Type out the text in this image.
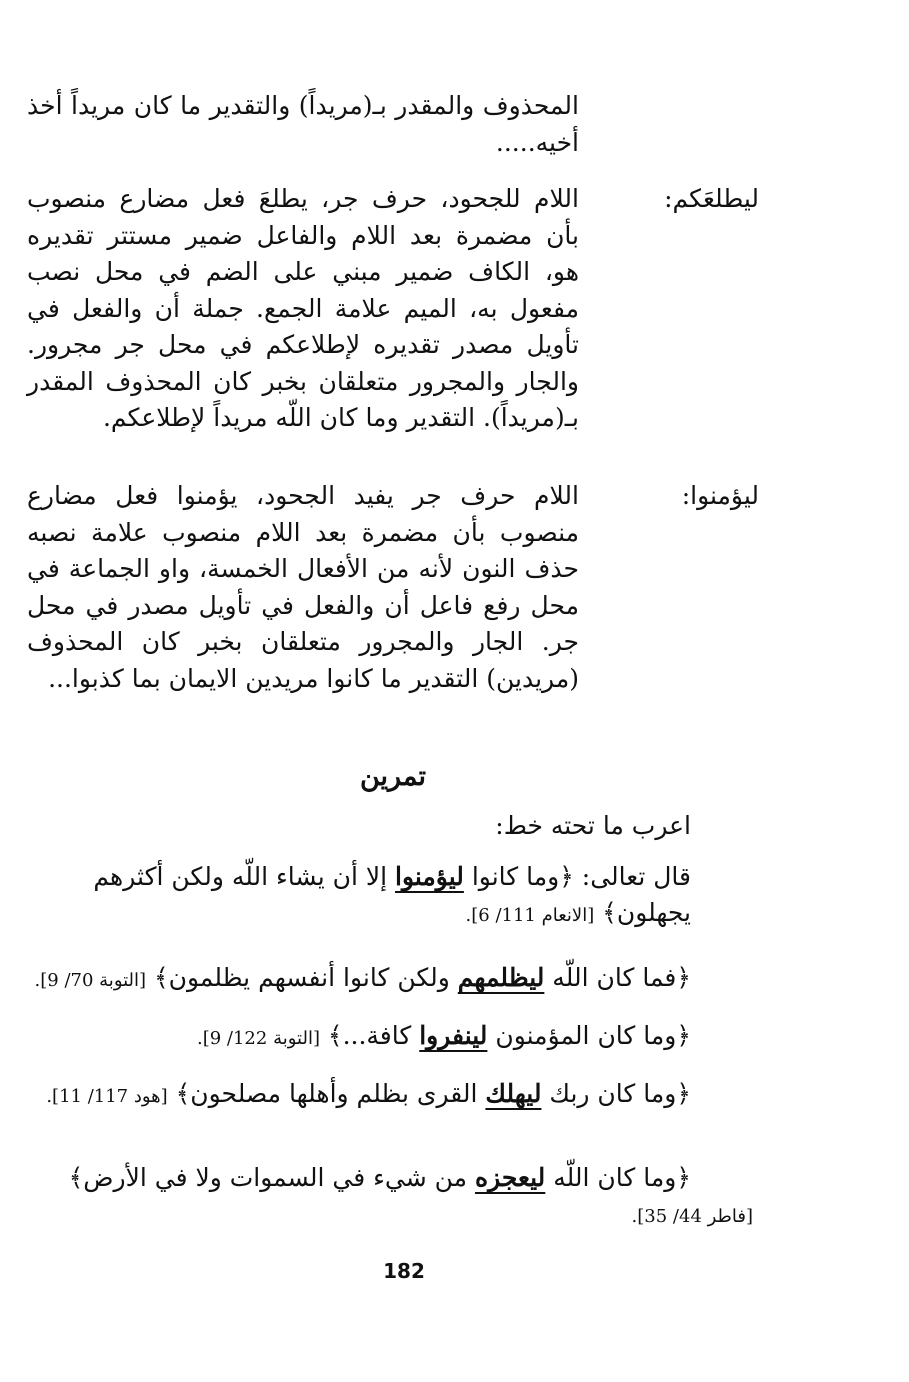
المحذوف والمقدر بـ(مريداً) والتقدير ما كان مريداً أخذ أخيه.....

ليطلعَكم:

اللام للجحود، حرف جر، يطلعَ فعل مضارع منصوب بأن مضمرة بعد اللام والفاعل ضمير مستتر تقديره هو، الكاف ضمير مبني على الضم في محل نصب مفعول به، الميم علامة الجمع. جملة أن والفعل في تأويل مصدر تقديره لإطلاعكم في محل جر مجرور. والجار والمجرور متعلقان بخبر كان المحذوف المقدر بـ(مريداً). التقدير وما كان اللّه مريداً لإطلاعكم.

ليؤمنوا:

اللام حرف جر يفيد الجحود، يؤمنوا فعل مضارع منصوب بأن مضمرة بعد اللام منصوب علامة نصبه حذف النون لأنه من الأفعال الخمسة، واو الجماعة في محل رفع فاعل أن والفعل في تأويل مصدر في محل جر. الجار والمجرور متعلقان بخبر كان المحذوف (مريدين) التقدير ما كانوا مريدين الايمان بما كذبوا...

تمرين
اعرب ما تحته خط:

قال تعالى: ﴿وما كانوا ليؤمنوا إلا أن يشاء اللّه ولكن أكثرهم يجهلون﴾ [الانعام 111/ 6].

﴿فما كان اللّه ليظلمهم ولكن كانوا أنفسهم يظلمون﴾ [التوبة 70/ 9].

﴿وما كان المؤمنون لينفروا كافة...﴾ [التوبة 122/ 9].

﴿وما كان ربك ليهلك القرى بظلم وأهلها مصلحون﴾ [هود 117/ 11].

﴿وما كان اللّه ليعجزه من شيء في السموات ولا في الأرض﴾ [فاطر 44/ 35].

182
